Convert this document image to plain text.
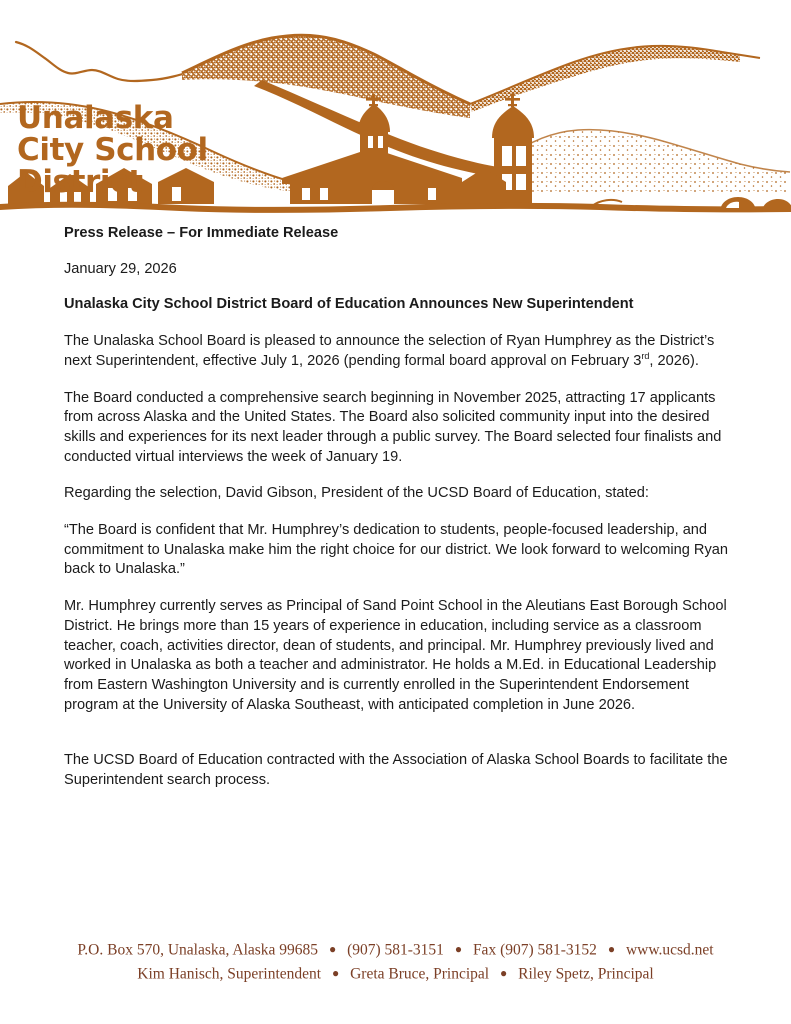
Unalaska
City School
District

Press Release – For Immediate Release

January 29, 2026

Unalaska City School District Board of Education Announces New Superintendent

The Unalaska School Board is pleased to announce the selection of Ryan Humphrey as the District’s next Superintendent, effective July 1, 2026 (pending formal board approval on February 3rd, 2026).

The Board conducted a comprehensive search beginning in November 2025, attracting 17 applicants from across Alaska and the United States. The Board also solicited community input into the desired skills and experiences for its next leader through a public survey. The Board selected four finalists and conducted virtual interviews the week of January 19.

Regarding the selection, David Gibson, President of the UCSD Board of Education, stated:

“The Board is confident that Mr. Humphrey’s dedication to students, people-focused leadership, and commitment to Unalaska make him the right choice for our district. We look forward to welcoming Ryan back to Unalaska.”

Mr. Humphrey currently serves as Principal of Sand Point School in the Aleutians East Borough School District. He brings more than 15 years of experience in education, including service as a classroom teacher, coach, activities director, dean of students, and principal. Mr. Humphrey previously lived and worked in Unalaska as both a teacher and administrator. He holds a M.Ed. in Educational Leadership from Eastern Washington University and is currently enrolled in the Superintendent Endorsement program at the University of Alaska Southeast, with anticipated completion in June 2026.

The UCSD Board of Education contracted with the Association of Alaska School Boards to facilitate the Superintendent search process.

P.O. Box 570, Unalaska, Alaska 99685 ● (907) 581-3151 ● Fax (907) 581-3152 ● www.ucsd.net
Kim Hanisch, Superintendent ● Greta Bruce, Principal ● Riley Spetz, Principal
